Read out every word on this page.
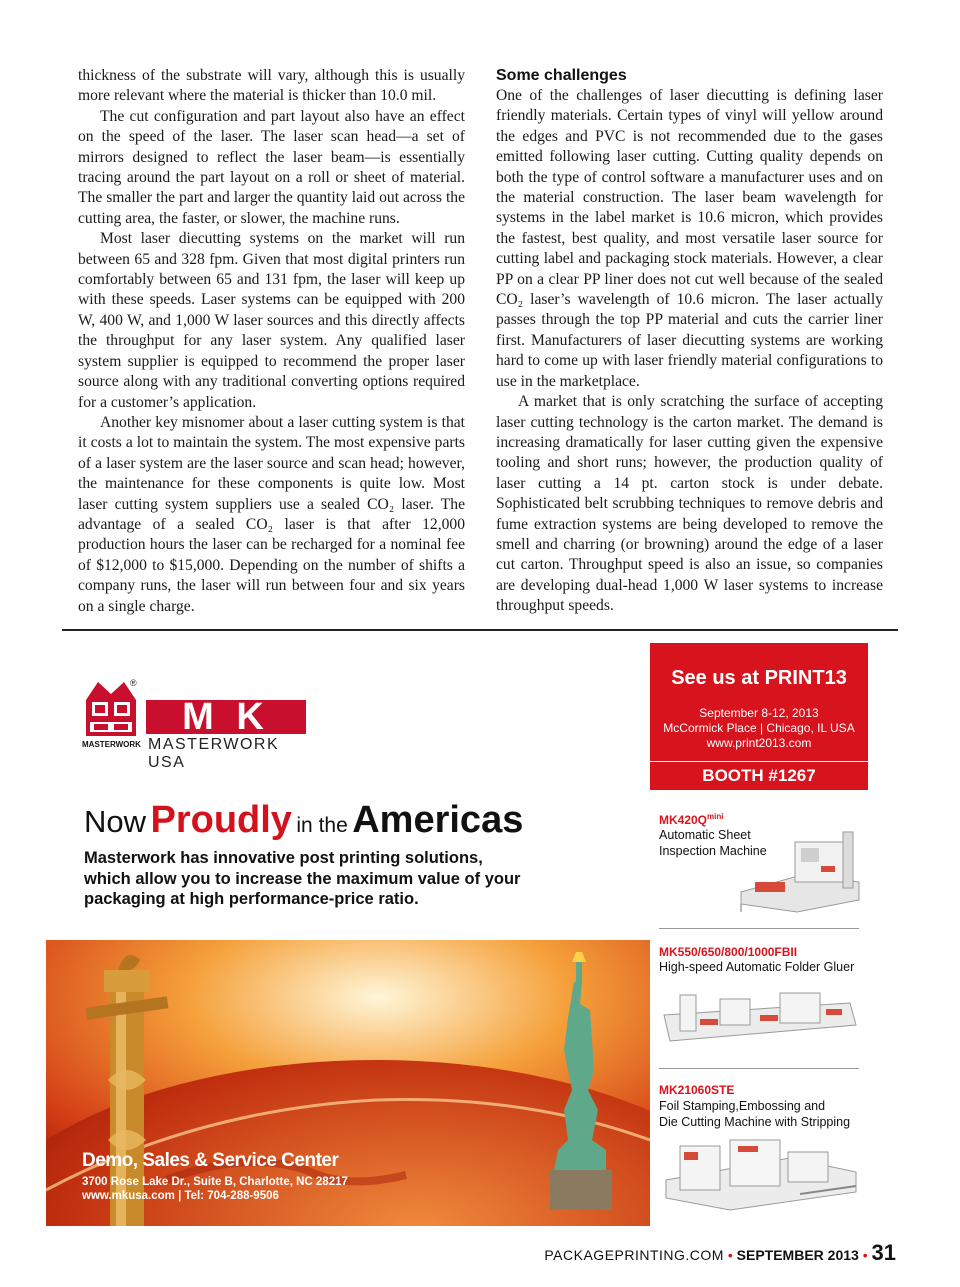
thickness of the substrate will vary, although this is usually more relevant where the material is thicker than 10.0 mil.

The cut configuration and part layout also have an effect on the speed of the laser. The laser scan head—a set of mirrors designed to reflect the laser beam—is essentially tracing around the part layout on a roll or sheet of material. The smaller the part and larger the quantity laid out across the cutting area, the faster, or slower, the machine runs.

Most laser diecutting systems on the market will run between 65 and 328 fpm. Given that most digital printers run comfortably between 65 and 131 fpm, the laser will keep up with these speeds. Laser systems can be equipped with 200 W, 400 W, and 1,000 W laser sources and this directly affects the throughput for any laser system. Any qualified laser system supplier is equipped to recommend the proper laser source along with any traditional converting options required for a customer’s application.

Another key misnomer about a laser cutting system is that it costs a lot to maintain the system. The most expensive parts of a laser system are the laser source and scan head; however, the maintenance for these components is quite low. Most laser cutting system suppliers use a sealed CO₂ laser. The advantage of a sealed CO₂ laser is that after 12,000 production hours the laser can be recharged for a nominal fee of $12,000 to $15,000. Depending on the number of shifts a company runs, the laser will run between four and six years on a single charge.

Some challenges

One of the challenges of laser diecutting is defining laser friendly materials. Certain types of vinyl will yellow around the edges and PVC is not recommended due to the gases emitted following laser cutting. Cutting quality depends on both the type of control software a manufacturer uses and on the material construction. The laser beam wavelength for systems in the label market is 10.6 micron, which provides the fastest, best quality, and most versatile laser source for cutting label and packaging stock materials. However, a clear PP on a clear PP liner does not cut well because of the sealed CO₂ laser’s wavelength of 10.6 micron. The laser actually passes through the top PP material and cuts the carrier liner first. Manufacturers of laser diecutting systems are working hard to come up with laser friendly material configurations to use in the marketplace.

A market that is only scratching the surface of accepting laser cutting technology is the carton market. The demand is increasing dramatically for laser cutting given the expensive tooling and short runs; however, the production quality of laser cutting a 14 pt. carton stock is under debate. Sophisticated belt scrubbing techniques to remove debris and fume extraction systems are being developed to remove the smell and charring (or browning) around the edge of a laser cut carton. Throughput speed is also an issue, so companies are developing dual-head 1,000 W laser systems to increase throughput speeds.

®
M K
MASTERWORK USA
MASTERWORK
Now Proudly in the Americas
Masterwork has innovative post printing solutions, which allow you to increase the maximum value of your packaging at high performance-price ratio.
Demo, Sales & Service Center
3700 Rose Lake Dr., Suite B, Charlotte, NC 28217
www.mkusa.com | Tel: 704-288-9506
See us at PRINT13
September 8-12, 2013
McCormick Place | Chicago, IL USA
www.print2013.com
BOOTH #1267
$MK420Q^{mini}$
Automatic Sheet
Inspection Machine
MK550/650/800/1000FBII
High-speed Automatic Folder Gluer
MK21060STE
Foil Stamping,Embossing and
Die Cutting Machine with Stripping
PACKAGEPRINTING.COM • SEPTEMBER 2013 • 31
